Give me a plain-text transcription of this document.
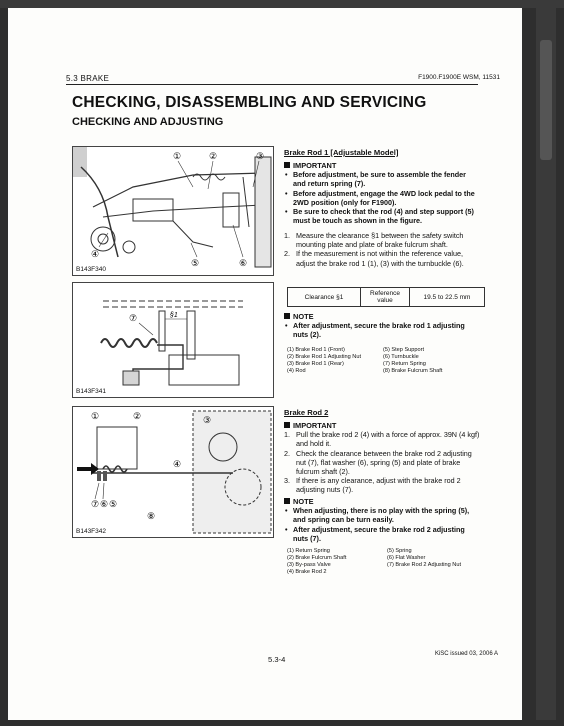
5.3 BRAKE	F1900.F1900E WSM, 11531
CHECKING, DISASSEMBLING AND SERVICING
CHECKING AND ADJUSTING
①	②	③
④
⑤	⑥
B143F340
⑦	§1
B143F341
①	②	③
④
⑤
⑥
⑦
⑧
B143F342
Brake Rod 1 [Adjustable Model]
IMPORTANT
• Before adjustment, be sure to assemble the fender and return spring (7).
• Before adjustment, engage the 4WD lock pedal to the 2WD position (only for F1900).
• Be sure to check that the rod (4) and step support (5) must be touch as shown in the figure.
1. Measure the clearance §1 between the safety switch mounting plate and plate of brake fulcrum shaft.
2. If the measurement is not within the reference value, adjust the brake rod 1 (1), (3) with the turnbuckle (6).
Clearance §1	Reference value	19.5 to 22.5 mm
NOTE
• After adjustment, secure the brake rod 1 adjusting nuts (2).
(1) Brake Rod 1 (Front)
(2) Brake Rod 1 Adjusting Nut
(3) Brake Rod 1 (Rear)
(4) Rod
(5) Step Support
(6) Turnbuckle
(7) Return Spring
(8) Brake Fulcrum Shaft
Brake Rod 2
IMPORTANT
1. Pull the brake rod 2 (4) with a force of approx. 39N (4 kgf) and hold it.
2. Check the clearance between the brake rod 2 adjusting nut (7), flat washer (6), spring (5) and plate of brake fulcrum shaft (2).
3. If there is any clearance, adjust with the brake rod 2 adjusting nuts (7).
NOTE
• When adjusting, there is no play with the spring (5), and spring can be turn easily.
• After adjustment, secure the brake rod 2 adjusting nuts (7).
(1) Return Spring
(2) Brake Fulcrum Shaft
(3) By-pass Valve
(4) Brake Rod 2
(5) Spring
(6) Flat Washer
(7) Brake Rod 2 Adjusting Nut
KiSC issued 03, 2006 A
5.3-4
